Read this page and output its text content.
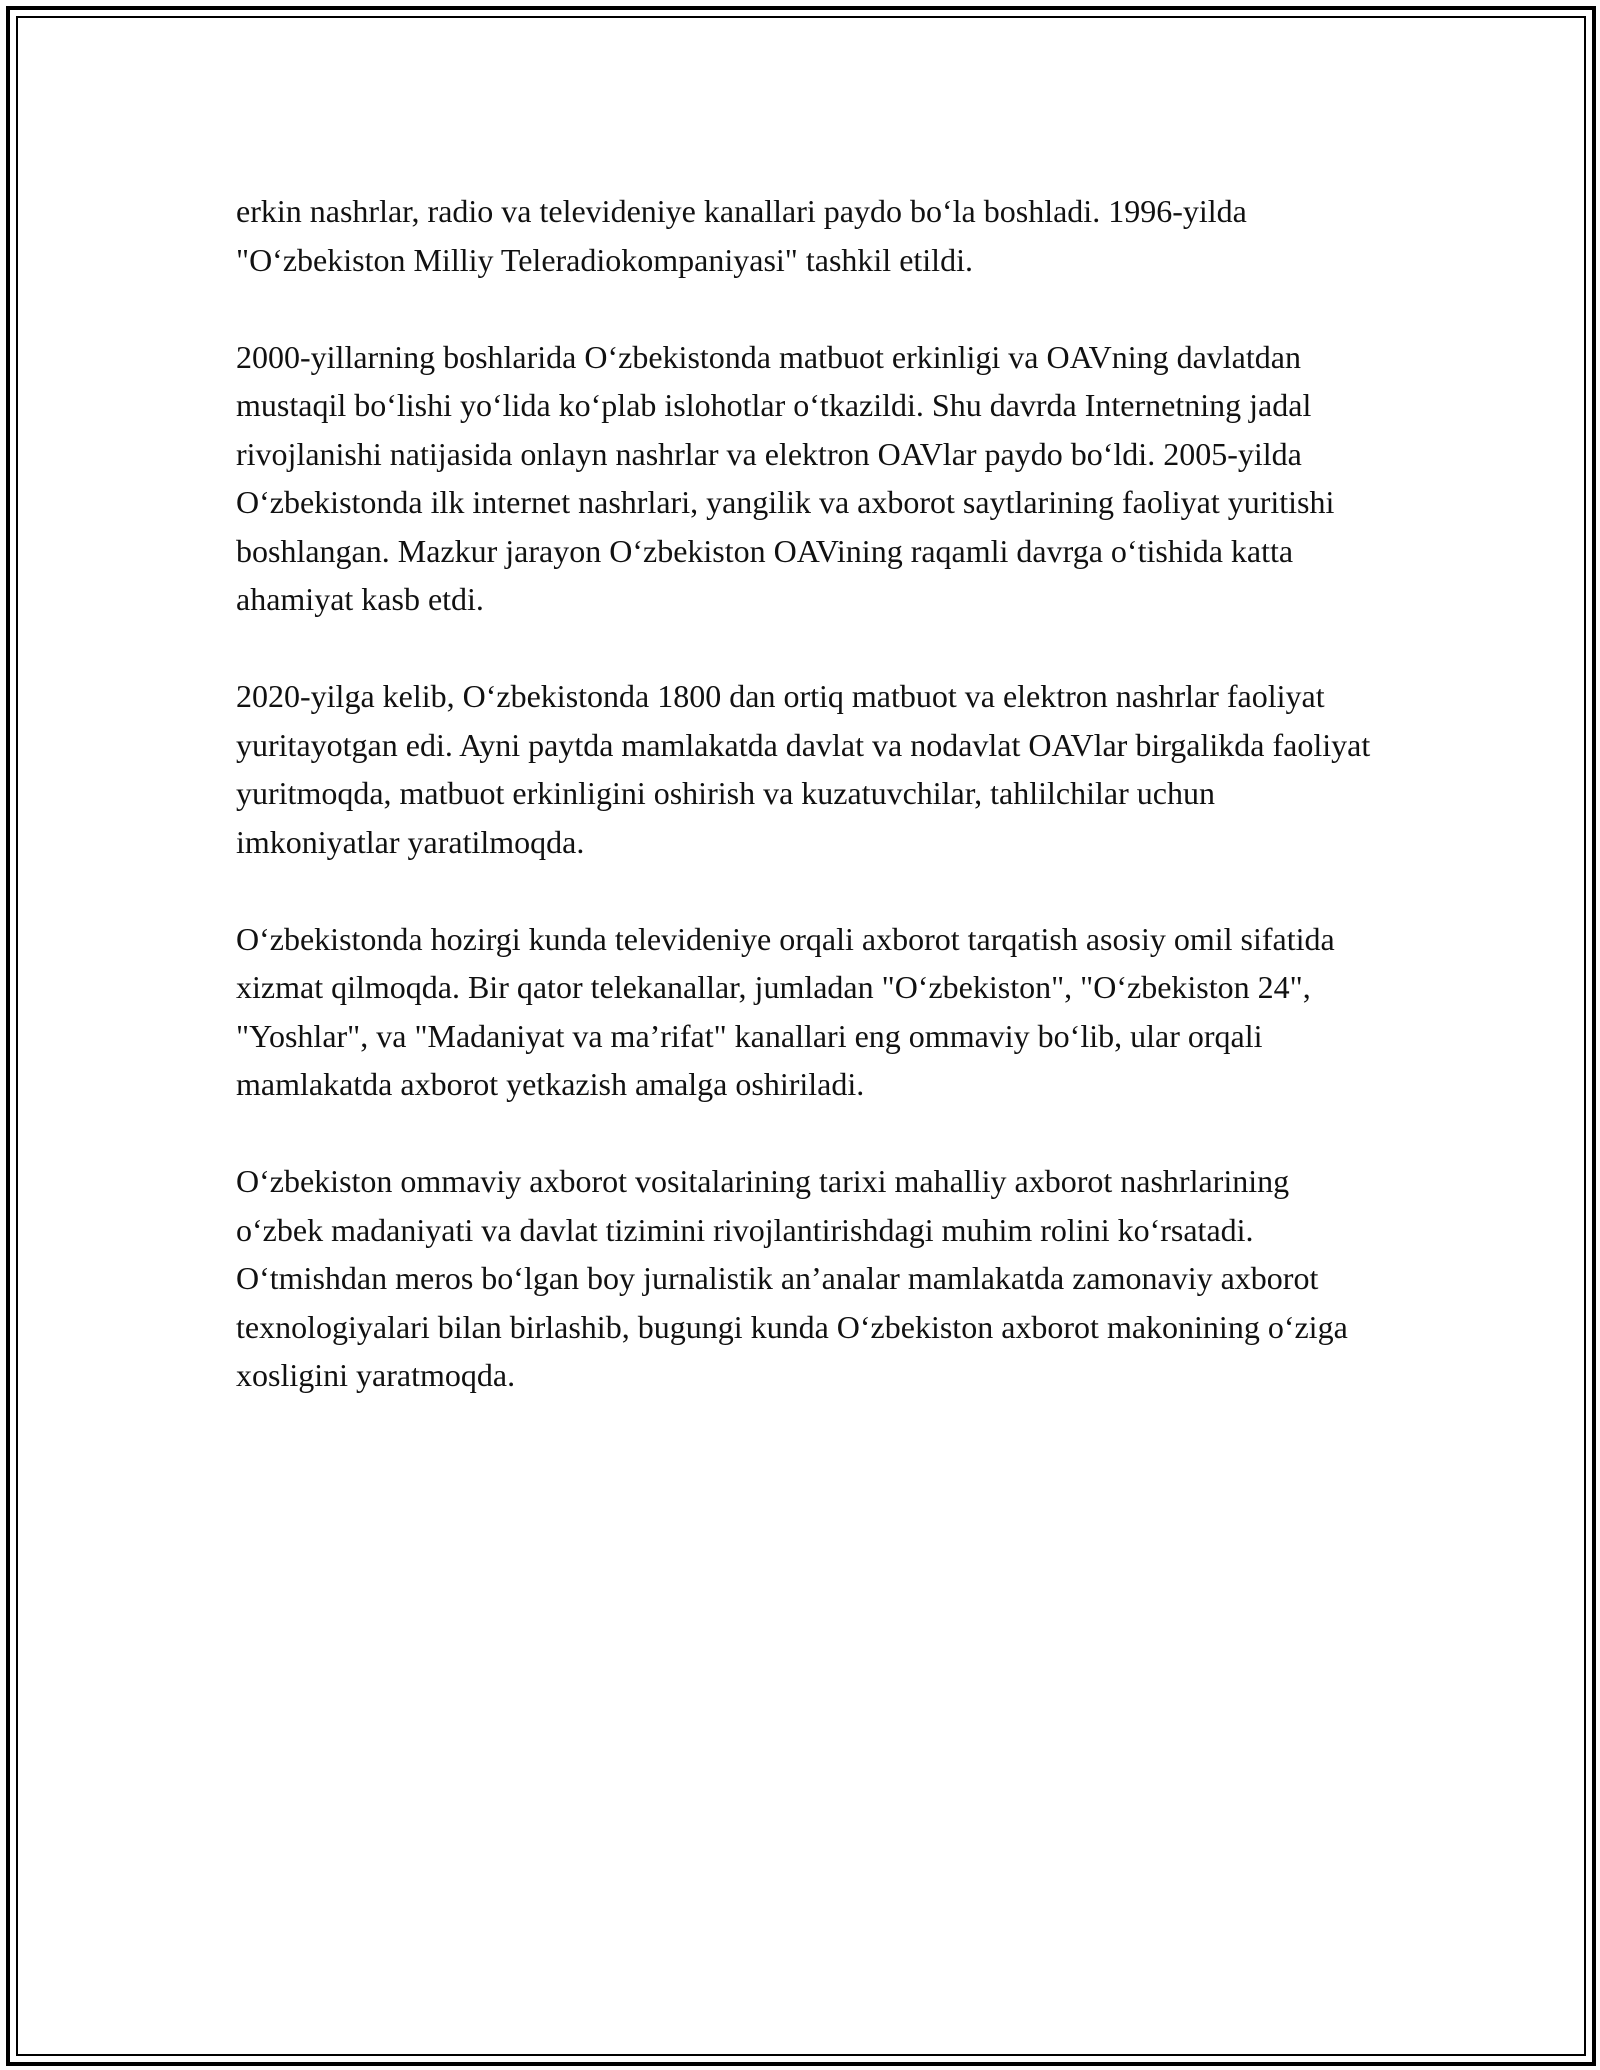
erkin nashrlar, radio va televideniye kanallari paydo bo‘la boshladi. 1996-yilda "O‘zbekiston Milliy Teleradiokompaniyasi" tashkil etildi.

2000-yillarning boshlarida O‘zbekistonda matbuot erkinligi va OAVning davlatdan mustaqil bo‘lishi yo‘lida ko‘plab islohotlar o‘tkazildi. Shu davrda Internetning jadal rivojlanishi natijasida onlayn nashrlar va elektron OAVlar paydo bo‘ldi. 2005-yilda O‘zbekistonda ilk internet nashrlari, yangilik va axborot saytlarining faoliyat yuritishi boshlangan. Mazkur jarayon O‘zbekiston OAVining raqamli davrga o‘tishida katta ahamiyat kasb etdi.

2020-yilga kelib, O‘zbekistonda 1800 dan ortiq matbuot va elektron nashrlar faoliyat yuritayotgan edi. Ayni paytda mamlakatda davlat va nodavlat OAVlar birgalikda faoliyat yuritmoqda, matbuot erkinligini oshirish va kuzatuvchilar, tahlilchilar uchun imkoniyatlar yaratilmoqda.

O‘zbekistonda hozirgi kunda televideniye orqali axborot tarqatish asosiy omil sifatida xizmat qilmoqda. Bir qator telekanallar, jumladan "O‘zbekiston", "O‘zbekiston 24", "Yoshlar", va "Madaniyat va ma’rifat" kanallari eng ommaviy bo‘lib, ular orqali mamlakatda axborot yetkazish amalga oshiriladi.

O‘zbekiston ommaviy axborot vositalarining tarixi mahalliy axborot nashrlarining o‘zbek madaniyati va davlat tizimini rivojlantirishdagi muhim rolini ko‘rsatadi. O‘tmishdan meros bo‘lgan boy jurnalistik an’analar mamlakatda zamonaviy axborot texnologiyalari bilan birlashib, bugungi kunda O‘zbekiston axborot makonining o‘ziga xosligini yaratmoqda.
